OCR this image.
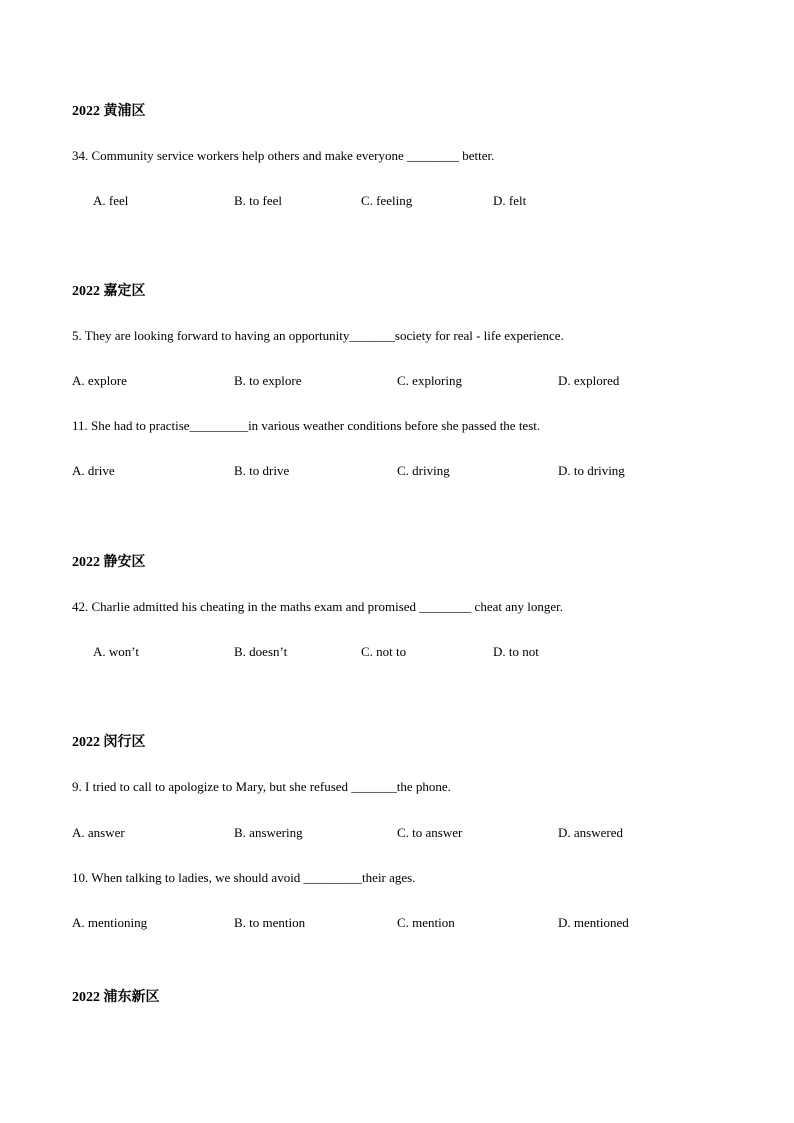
2022 黄浦区
34. Community service workers help others and make everyone ________ better.
A. feel	B. to feel	C. feeling	D. felt
2022 嘉定区
5. They are looking forward to having an opportunity_______society for real - life experience.
A. explore	B. to explore	C. exploring	D. explored
11. She had to practise_________in various weather conditions before she passed the test.
A. drive	B. to drive	C. driving	D. to driving
2022 静安区
42. Charlie admitted his cheating in the maths exam and promised ________ cheat any longer.
A. won’t	B. doesn’t	C. not to	D. to not
2022 闵行区
9. I tried to call to apologize to Mary, but she refused _______the phone.
A. answer	B. answering	C. to answer	D. answered
10. When talking to ladies, we should avoid _________their ages.
A. mentioning	B. to mention	C. mention	D. mentioned
2022 浦东新区
